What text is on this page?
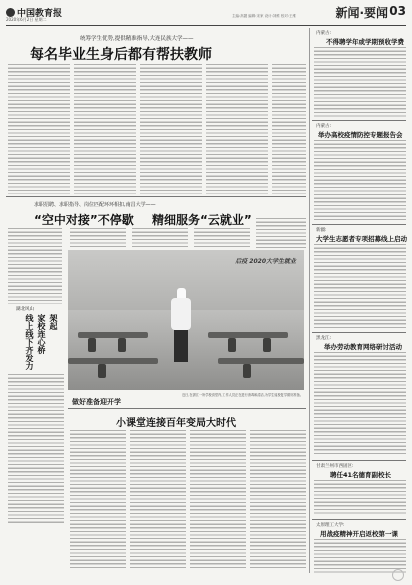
中国教育报
2020年6月2日 星期二
主编:高靓 编辑:宋家 设计:刘维 校对:王维	新闻·要闻 03
统筹学生优势,提供精准指导,大连民族大学——
每名毕业生身后都有帮扶教师
求职招聘、求职指导、岗位匹配环环相扣,南昌大学——
“空中对接”不停歇 精细服务“云就业”
湖北风山
架起
家校连心桥
线上线下齐发力
后疫 2020大学生就业
做好准备迎开学
近日,在浙江一所学校食堂内,工作人员正在进行消毒和清洁,为学生返校复学做好准备。
小课堂连接百年变局大时代
内蒙古:
不得聘学年或学期预收学费
内蒙古:
举办高校疫情防控专题报告会
新疆:
大学生志愿者专项招募线上启动
黑龙江:
举办劳动教育网络研讨活动
甘肃兰州市西固区:
聘任41名德育副校长
太原理工大学:
用战疫精神开启返校第一课
